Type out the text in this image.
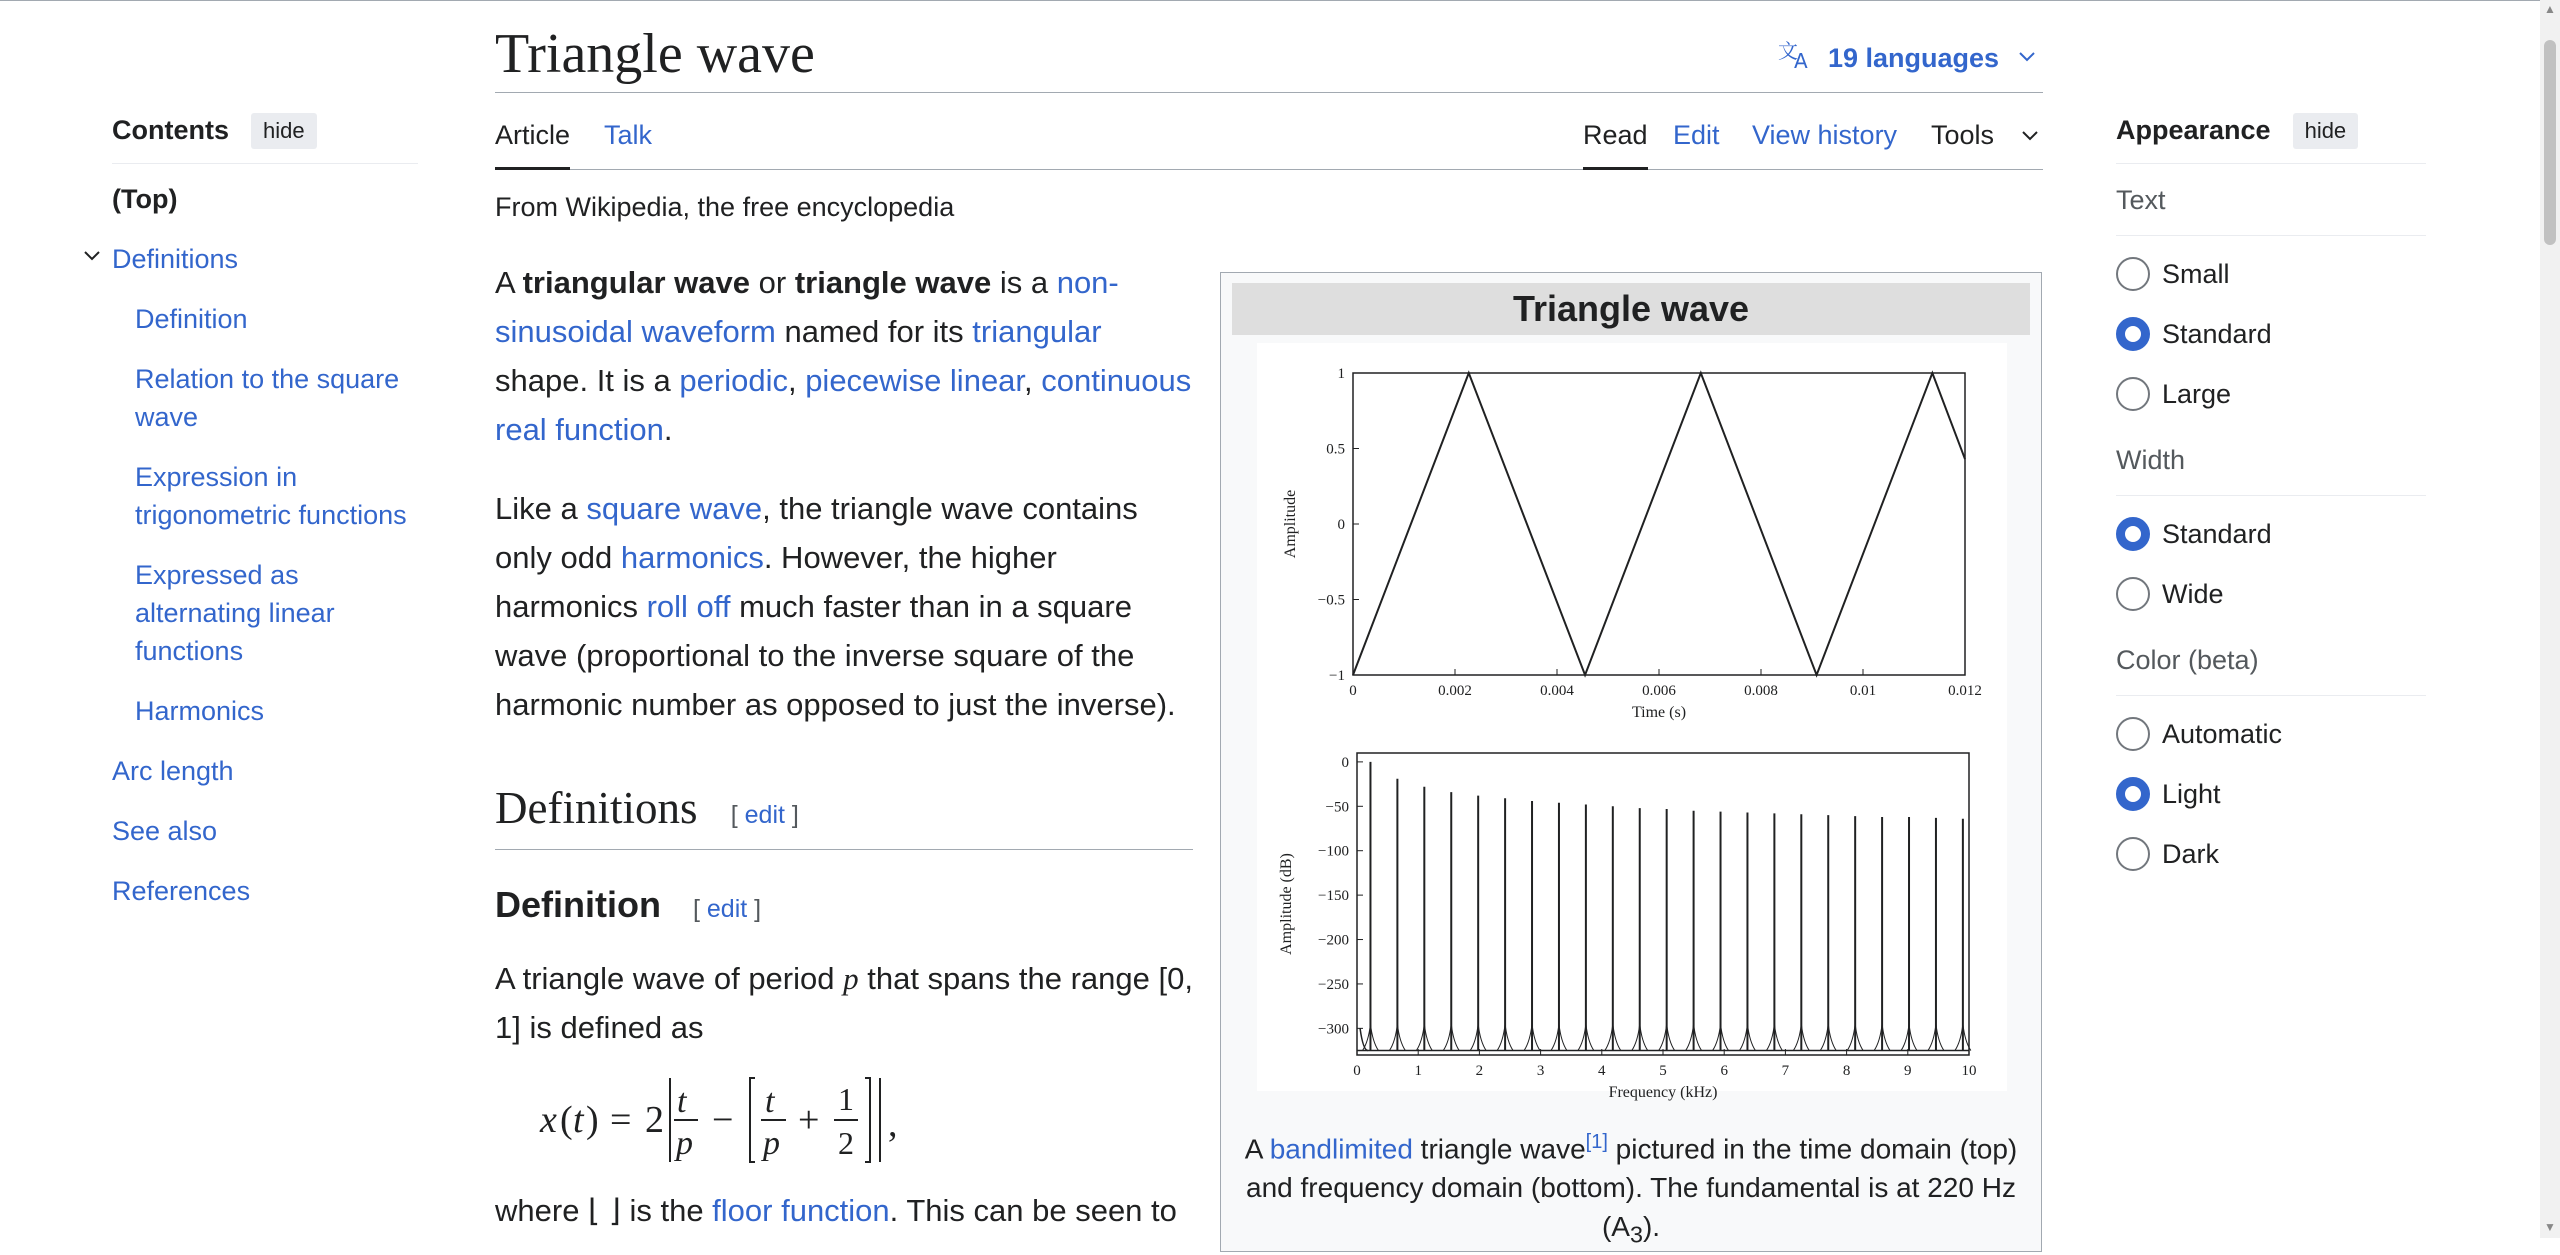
Contents	hide
(Top)
Definitions
Definition
Relation to the square wave
Expression in trigonometric functions
Expressed as alternating linear functions
Harmonics
Arc length
See also
References
Triangle wave	文
A 19 languages
Article Talk	Read Edit View history Tools
From Wikipedia, the free encyclopedia

A triangular wave or triangle wave is a non-sinusoidal waveform named for its triangular shape. It is a periodic, piecewise linear, continuous real function.

Like a square wave, the triangle wave contains only odd harmonics. However, the higher harmonics roll off much faster than in a square wave (proportional to the inverse square of the harmonic number as opposed to just the inverse).

Definitions [ edit ]
Definition [ edit ]

A triangle wave of period p that spans the range [0, 1] is defined as

x ( t ) = 2 t
p
− t
p
+ 1
2 ,

where ⌊ ⌋ is the floor function. This can be seen to

Triangle wave
0	0.002	0.004	0.006	0.008	0.01	0.012
1
0.5
0
−0.5
−1
Time (s)
Amplitude
0	1	2	3	4	5	6	7	8	9	10
0
−50
−100
−150
−200
−250
−300
Frequency (kHz)
Amplitude (dB)
A bandlimited triangle wave[1] pictured in the time domain (top) and frequency domain (bottom). The fundamental is at 220 Hz $(A_3)$.
Appearance	hide
Text
Small
Standard
Large
Width
Standard
Wide
Color (beta)
Automatic
Light
Dark
▲
▼
